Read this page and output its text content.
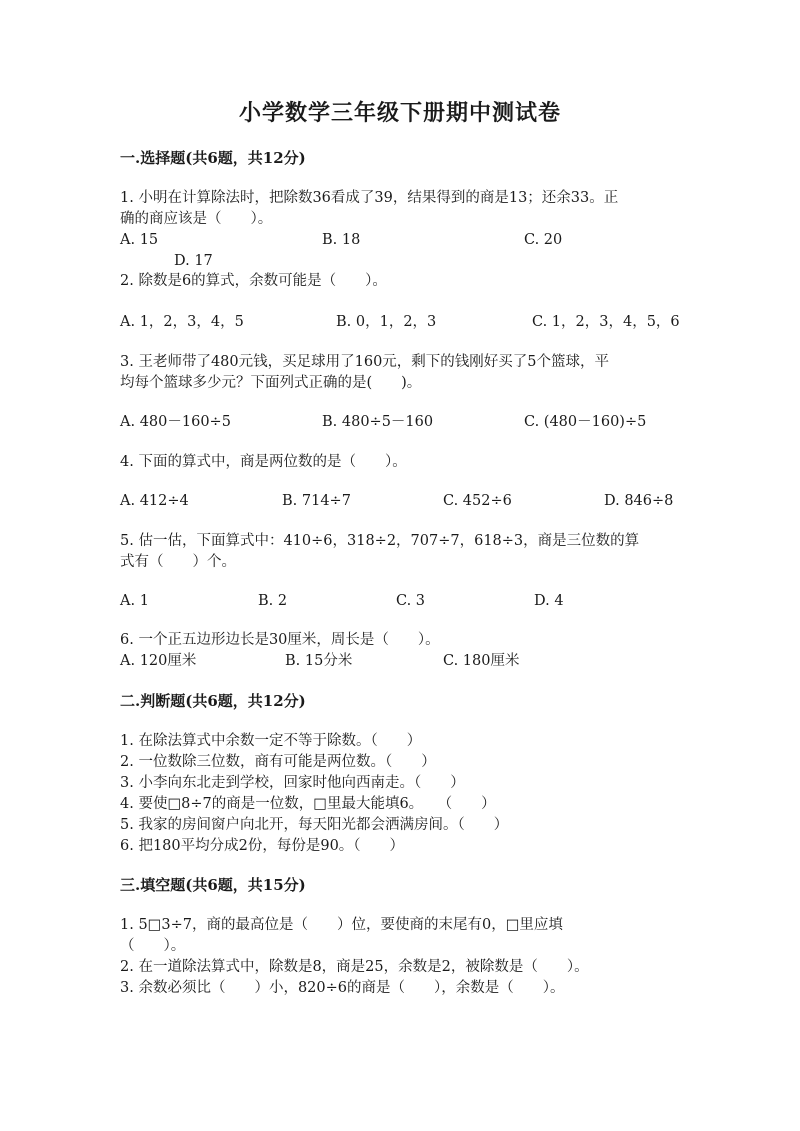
小学数学三年级下册期中测试卷
一.选择题(共6题，共12分)
1. 小明在计算除法时，把除数36看成了39，结果得到的商是13；还余33。正
确的商应该是（　　）。
A. 15	B. 18	C. 20
D. 17
2. 除数是6的算式，余数可能是（　　）。
A. 1，2，3，4，5	B. 0，1，2，3	C. 1，2，3，4，5，6
3. 王老师带了480元钱，买足球用了160元，剩下的钱刚好买了5个篮球，平
均每个篮球多少元？下面列式正确的是(　　)。
A. 480－160÷5	B. 480÷5－160	C. (480－160)÷5
4. 下面的算式中，商是两位数的是（　　）。
A. 412÷4	B. 714÷7	C. 452÷6	D. 846÷8
5. 估一估，下面算式中：410÷6，318÷2，707÷7，618÷3，商是三位数的算
式有（　　）个。
A. 1	B. 2	C. 3	D. 4
6. 一个正五边形边长是30厘米，周长是（　　）。
A. 120厘米	B. 15分米	C. 180厘米
二.判断题(共6题，共12分)
1. 在除法算式中余数一定不等于除数。（　　）
2. 一位数除三位数，商有可能是两位数。（　　）
3. 小李向东北走到学校，回家时他向西南走。（　　）
4. 要使□8÷7的商是一位数，□里最大能填6。　　（　　）
5. 我家的房间窗户向北开，每天阳光都会洒满房间。（　　）
6. 把180平均分成2份，每份是90。（　　）
三.填空题(共6题，共15分)
1. 5□3÷7，商的最高位是（　　）位，要使商的末尾有0，□里应填
（　　）。
2. 在一道除法算式中，除数是8，商是25，余数是2，被除数是（　　）。
3. 余数必须比（　　）小，820÷6的商是（　　），余数是（　　）。
